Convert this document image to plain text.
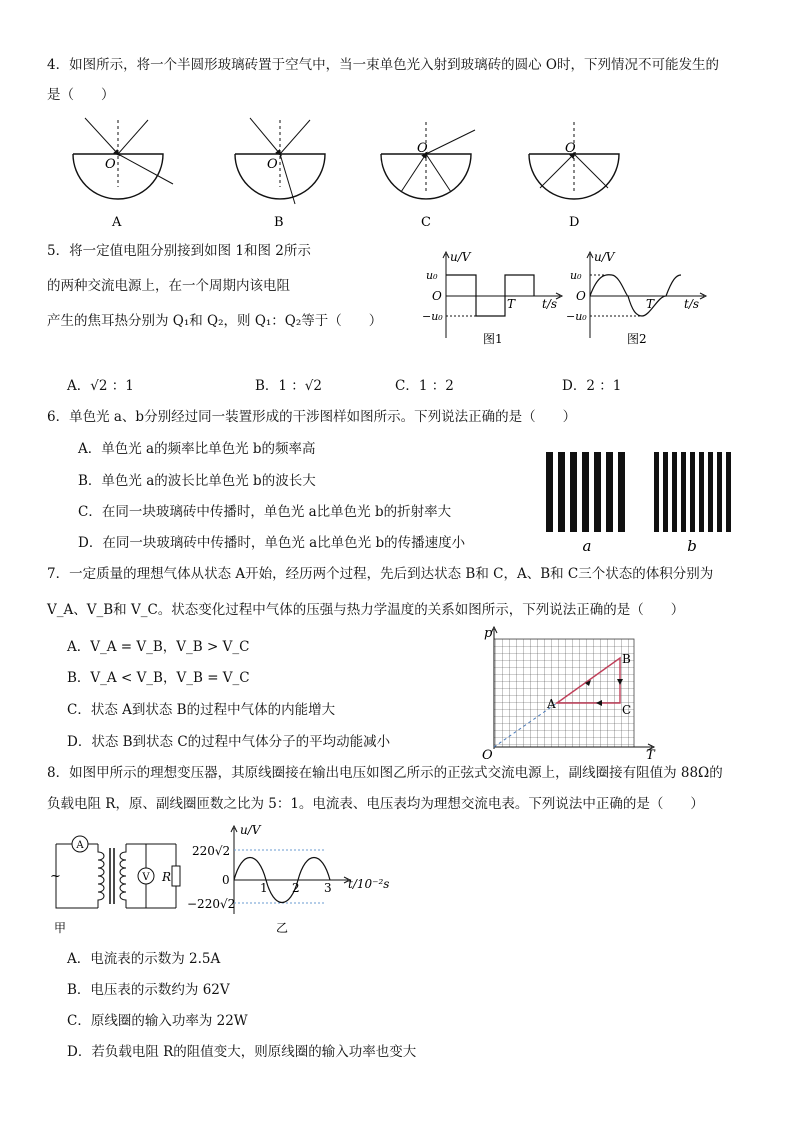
4．如图所示，将一个半圆形玻璃砖置于空气中，当一束单色光入射到玻璃砖的圆心 O时，下列情况不可能发生的
是（　　）
O
A
O
B
O
C
O
D
5．将一定值电阻分别接到如图 1和图 2所示
的两种交流电源上，在一个周期内该电阻
产生的焦耳热分别为 Q₁和 Q₂，则 Q₁：Q₂等于（　　）
u/V
u₀
O
−u₀
T t/s
图1
u/V
u₀
O
−u₀
T t/s
图2
A．√2 ：1	B．1 ：√2	C．1 ：2	D．2 ：1
6．单色光 a、b分别经过同一装置形成的干涉图样如图所示。下列说法正确的是（　　）
A．单色光 a的频率比单色光 b的频率高
B．单色光 a的波长比单色光 b的波长大
C．在同一块玻璃砖中传播时，单色光 a比单色光 b的折射率大
D．在同一块玻璃砖中传播时，单色光 a比单色光 b的传播速度小	a	b
7．一定质量的理想气体从状态 A开始，经历两个过程，先后到达状态 B和 C，A、B和 C三个状态的体积分别为
V_A、V_B和 V_C。状态变化过程中气体的压强与热力学温度的关系如图所示，下列说法正确的是（　　）
A．V_A = V_B，V_B > V_C
B．V_A < V_B，V_B = V_C
C．状态 A到状态 B的过程中气体的内能增大
D．状态 B到状态 C的过程中气体分子的平均动能减小
p
T
O
A
B
C
8．如图甲所示的理想变压器，其原线圈接在输出电压如图乙所示的正弦式交流电源上，副线圈接有阻值为 88Ω的
负载电阻 R，原、副线圈匝数之比为 5：1。电流表、电压表均为理想交流电表。下列说法中正确的是（　　）
A
V R
~
甲
u/V
220√2
−220√2
0
1 2 3 t/10⁻²s
乙
A．电流表的示数为 2.5A
B．电压表的示数约为 62V
C．原线圈的输入功率为 22W
D．若负载电阻 R的阻值变大，则原线圈的输入功率也变大
